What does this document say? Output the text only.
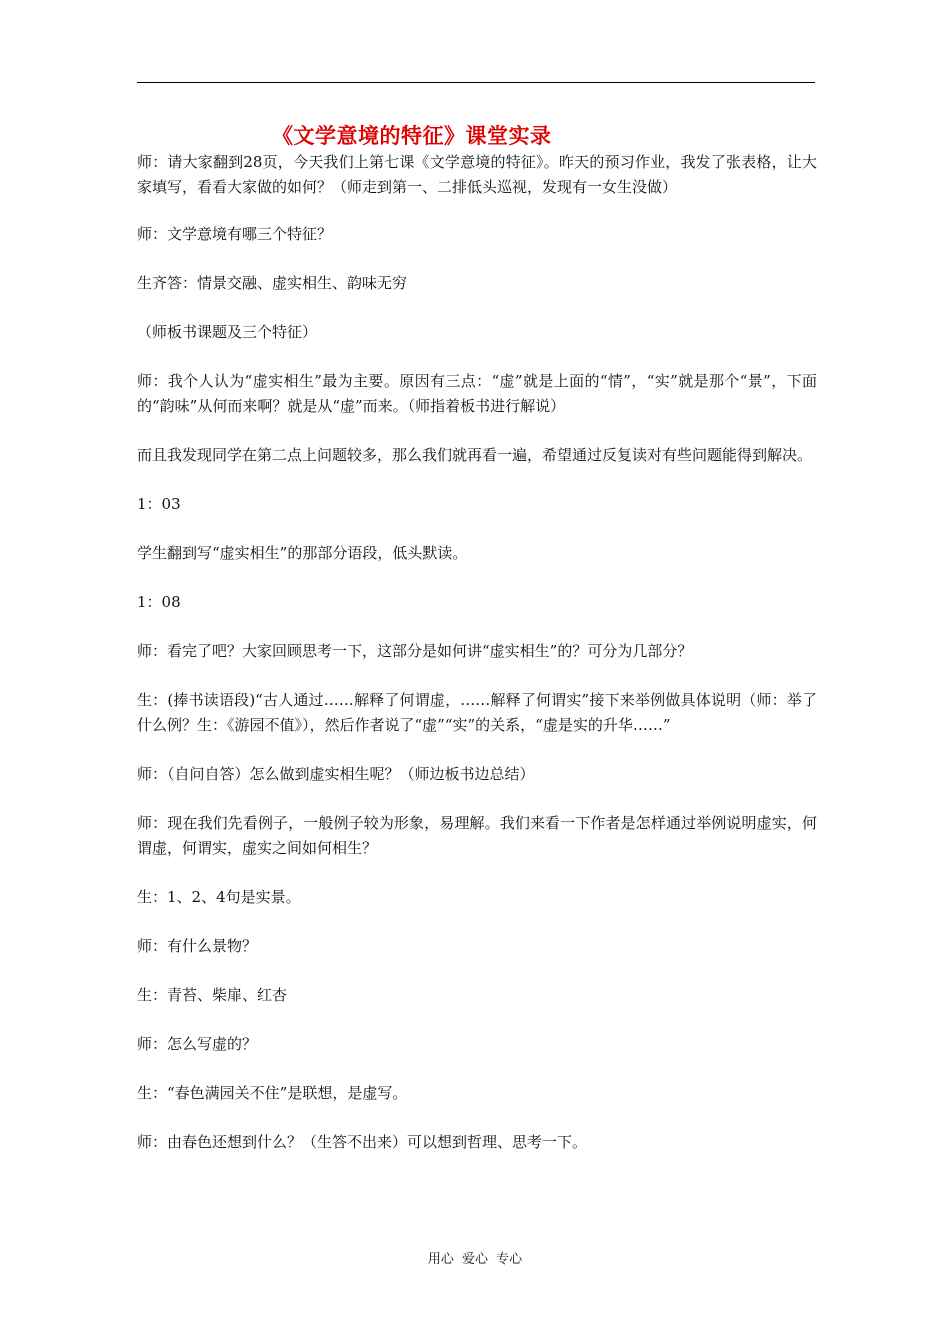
《文学意境的特征》课堂实录

师：请大家翻到28页，今天我们上第七课《文学意境的特征》。昨天的预习作业，我发了张表格，让大家填写，看看大家做的如何？（师走到第一、二排低头巡视，发现有一女生没做）

师：文学意境有哪三个特征？

生齐答：情景交融、虚实相生、韵味无穷

（师板书课题及三个特征）

师：我个人认为“虚实相生”最为主要。原因有三点：“虚”就是上面的“情”，“实”就是那个“景”，下面的“韵味”从何而来啊？就是从“虚”而来。（师指着板书进行解说）

而且我发现同学在第二点上问题较多，那么我们就再看一遍，希望通过反复读对有些问题能得到解决。

1：03

学生翻到写“虚实相生”的那部分语段，低头默读。

1：08

师：看完了吧？大家回顾思考一下，这部分是如何讲“虚实相生”的？可分为几部分？

生：(捧书读语段)“古人通过……解释了何谓虚，……解释了何谓实”接下来举例做具体说明（师：举了什么例？生：《游园不值》），然后作者说了“虚”“实”的关系，“虚是实的升华……”

师：（自问自答）怎么做到虚实相生呢？（师边板书边总结）

师：现在我们先看例子，一般例子较为形象，易理解。我们来看一下作者是怎样通过举例说明虚实，何谓虚，何谓实，虚实之间如何相生？

生：1、2、4句是实景。

师：有什么景物？

生：青苔、柴扉、红杏

师：怎么写虚的？

生：“春色满园关不住”是联想，是虚写。

师：由春色还想到什么？（生答不出来）可以想到哲理、思考一下。

用心 爱心 专心
